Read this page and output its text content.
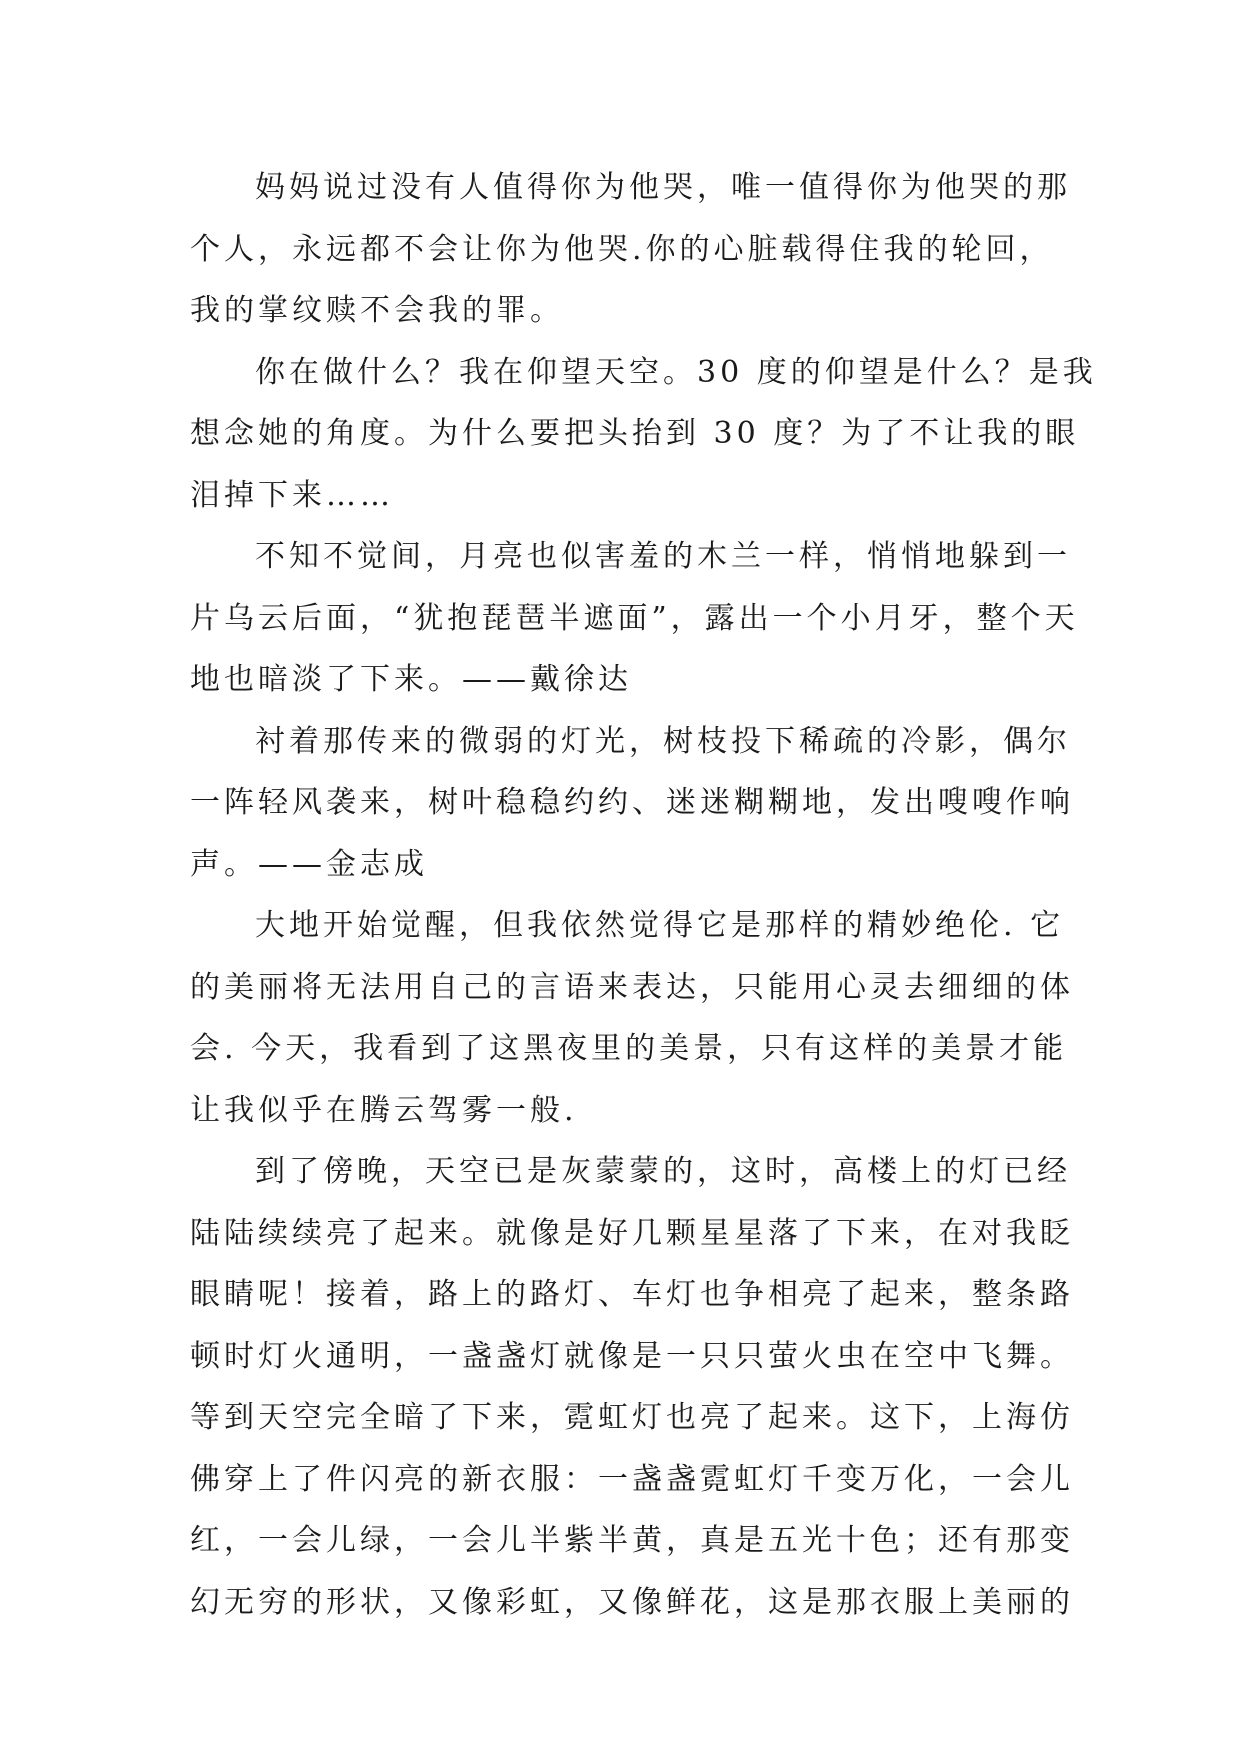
妈妈说过没有人值得你为他哭，唯一值得你为他哭的那
个人，永远都不会让你为他哭.你的心脏载得住我的轮回，
我的掌纹赎不会我的罪。
你在做什么？我在仰望天空。30 度的仰望是什么？是我
想念她的角度。为什么要把头抬到 30 度？为了不让我的眼
泪掉下来……
不知不觉间，月亮也似害羞的木兰一样，悄悄地躲到一
片乌云后面，“犹抱琵琶半遮面”，露出一个小月牙，整个天
地也暗淡了下来。——戴徐达
衬着那传来的微弱的灯光，树枝投下稀疏的冷影，偶尔
一阵轻风袭来，树叶稳稳约约、迷迷糊糊地，发出嗖嗖作响
声。——金志成
大地开始觉醒，但我依然觉得它是那样的精妙绝伦. 它
的美丽将无法用自己的言语来表达，只能用心灵去细细的体
会. 今天，我看到了这黑夜里的美景，只有这样的美景才能
让我似乎在腾云驾雾一般.
到了傍晚，天空已是灰蒙蒙的，这时，高楼上的灯已经
陆陆续续亮了起来。就像是好几颗星星落了下来，在对我眨
眼睛呢！接着，路上的路灯、车灯也争相亮了起来，整条路
顿时灯火通明，一盏盏灯就像是一只只萤火虫在空中飞舞。
等到天空完全暗了下来，霓虹灯也亮了起来。这下，上海仿
佛穿上了件闪亮的新衣服：一盏盏霓虹灯千变万化，一会儿
红，一会儿绿，一会儿半紫半黄，真是五光十色；还有那变
幻无穷的形状，又像彩虹，又像鲜花，这是那衣服上美丽的
